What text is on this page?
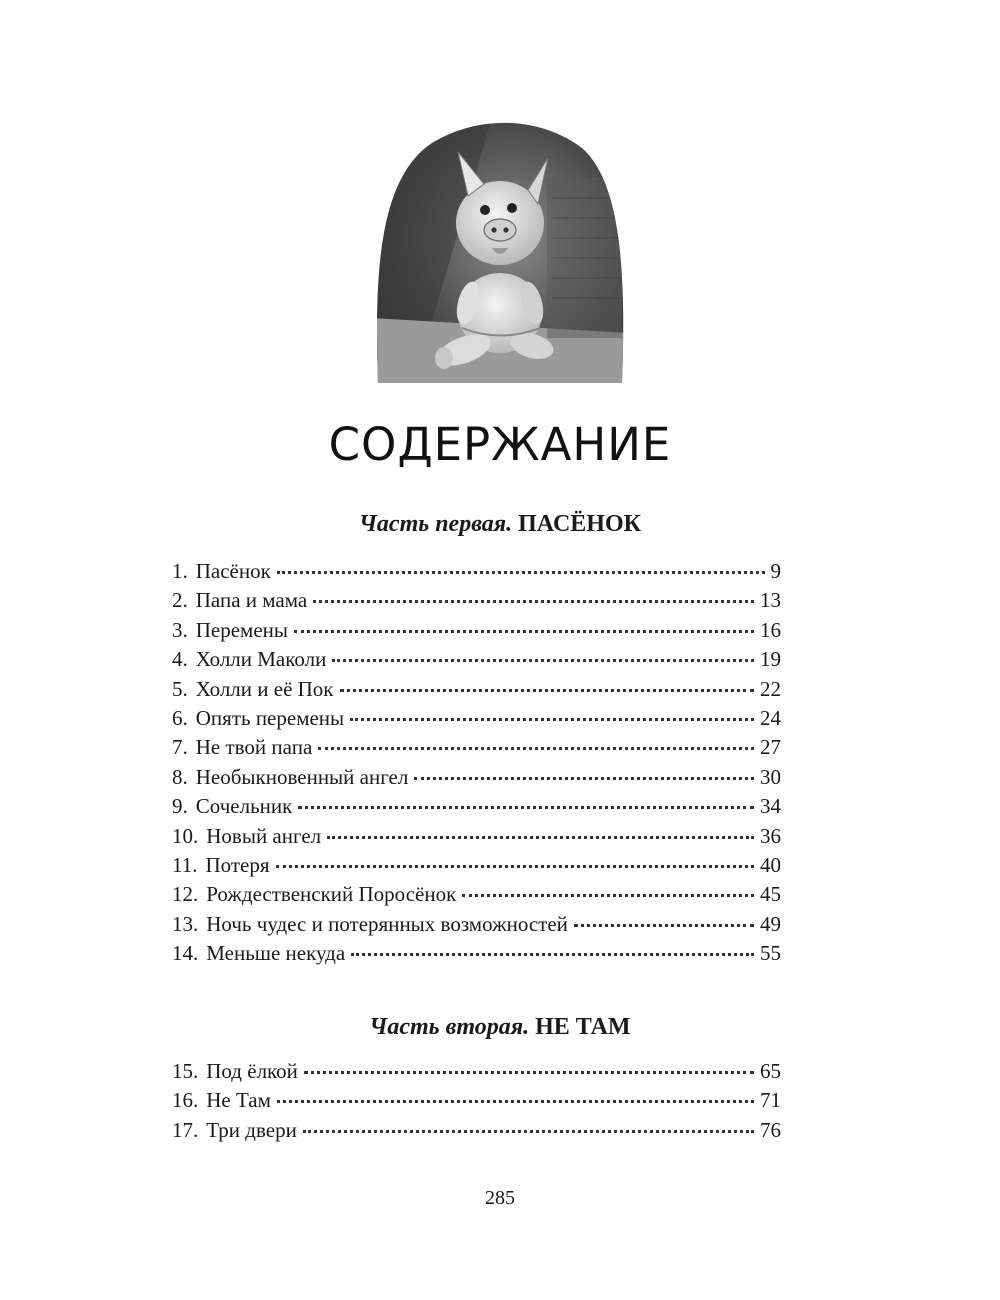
СОДЕРЖАНИЕ
Часть первая. ПАСЁНОК
1. Пасёнок	9
2. Папа и мама	13
3. Перемены	16
4. Холли Маколи	19
5. Холли и её Пок	22
6. Опять перемены	24
7. Не твой папа	27
8. Необыкновенный ангел	30
9. Сочельник	34
10. Новый ангел	36
11. Потеря	40
12. Рождественский Поросёнок	45
13. Ночь чудес и потерянных возможностей	49
14. Меньше некуда	55
Часть вторая. НЕ ТАМ
15. Под ёлкой	65
16. Не Там	71
17. Три двери	76
285
